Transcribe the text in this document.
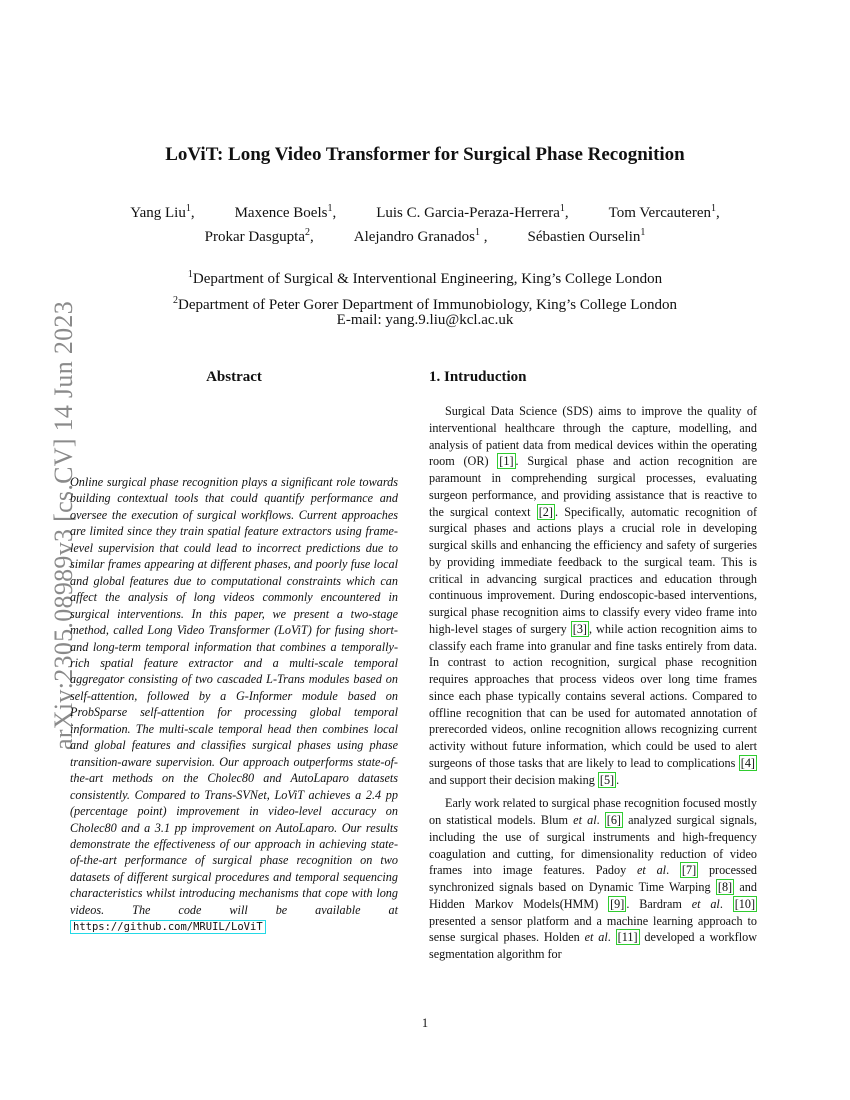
arXiv:2305.08989v3 [cs.CV] 14 Jun 2023
LoViT: Long Video Transformer for Surgical Phase Recognition
Yang Liu$^1$,	Maxence Boels$^1$,	Luis C. Garcia-Peraza-Herrera$^1$,	Tom Vercauteren$^1$,
Prokar Dasgupta$^2$,	Alejandro Granados$^1$ ,	Sébastien Ourselin$^1$
$^1$Department of Surgical & Interventional Engineering, King’s College London
$^2$Department of Peter Gorer Department of Immunobiology, King’s College London
E-mail: yang.9.liu@kcl.ac.uk
Abstract
Online surgical phase recognition plays a significant role towards building contextual tools that could quantify performance and oversee the execution of surgical workflows. Current approaches are limited since they train spatial feature extractors using frame-level supervision that could lead to incorrect predictions due to similar frames appearing at different phases, and poorly fuse local and global features due to computational constraints which can affect the analysis of long videos commonly encountered in surgical interventions. In this paper, we present a two-stage method, called Long Video Transformer (LoViT) for fusing short- and long-term temporal information that combines a temporally-rich spatial feature extractor and a multi-scale temporal aggregator consisting of two cascaded L-Trans modules based on self-attention, followed by a G-Informer module based on ProbSparse self-attention for processing global temporal information. The multi-scale temporal head then combines local and global features and classifies surgical phases using phase transition-aware supervision. Our approach outperforms state-of-the-art methods on the Cholec80 and AutoLaparo datasets consistently. Compared to Trans-SVNet, LoViT achieves a 2.4 pp (percentage point) improvement in video-level accuracy on Cholec80 and a 3.1 pp improvement on AutoLaparo. Our results demonstrate the effectiveness of our approach in achieving state-of-the-art performance of surgical phase recognition on two datasets of different surgical procedures and temporal sequencing characteristics whilst introducing mechanisms that cope with long videos. The code will be available at https://github.com/MRUIL/LoViT
1. Intruduction

Surgical Data Science (SDS) aims to improve the quality of interventional healthcare through the capture, modelling, and analysis of patient data from medical devices within the operating room (OR) [1] . Surgical phase and action recognition are paramount in comprehending surgical processes, evaluating surgeon performance, and providing assistance that is reactive to the surgical context [2] . Specifically, automatic recognition of surgical phases and actions plays a crucial role in developing surgical skills and enhancing the efficiency and safety of surgeries by providing immediate feedback to the surgical team. This is critical in advancing surgical practices and education through continuous improvement. During endoscopic-based interventions, surgical phase recognition aims to classify every video frame into high-level stages of surgery [3] , while action recognition aims to classify each frame into granular and fine tasks entirely from data. In contrast to action recognition, surgical phase recognition requires approaches that process videos over long time frames since each phase typically contains several actions. Compared to offline recognition that can be used for automated annotation of prerecorded videos, online recognition allows recognizing current activity without future information, which could be used to alert surgeons of those tasks that are likely to lead to complications [4] and support their decision making [5] .

Early work related to surgical phase recognition focused mostly on statistical models. Blum et al. [6] analyzed surgical signals, including the use of surgical instruments and high-frequency coagulation and cutting, for dimensionality reduction of video frames into image features. Padoy et al. [7] processed synchronized signals based on Dynamic Time Warping [8] and Hidden Markov Models(HMM) [9] . Bardram et al. [10] presented a sensor platform and a machine learning approach to sense surgical phases. Holden et al. [11] developed a workflow segmentation algorithm for

1
